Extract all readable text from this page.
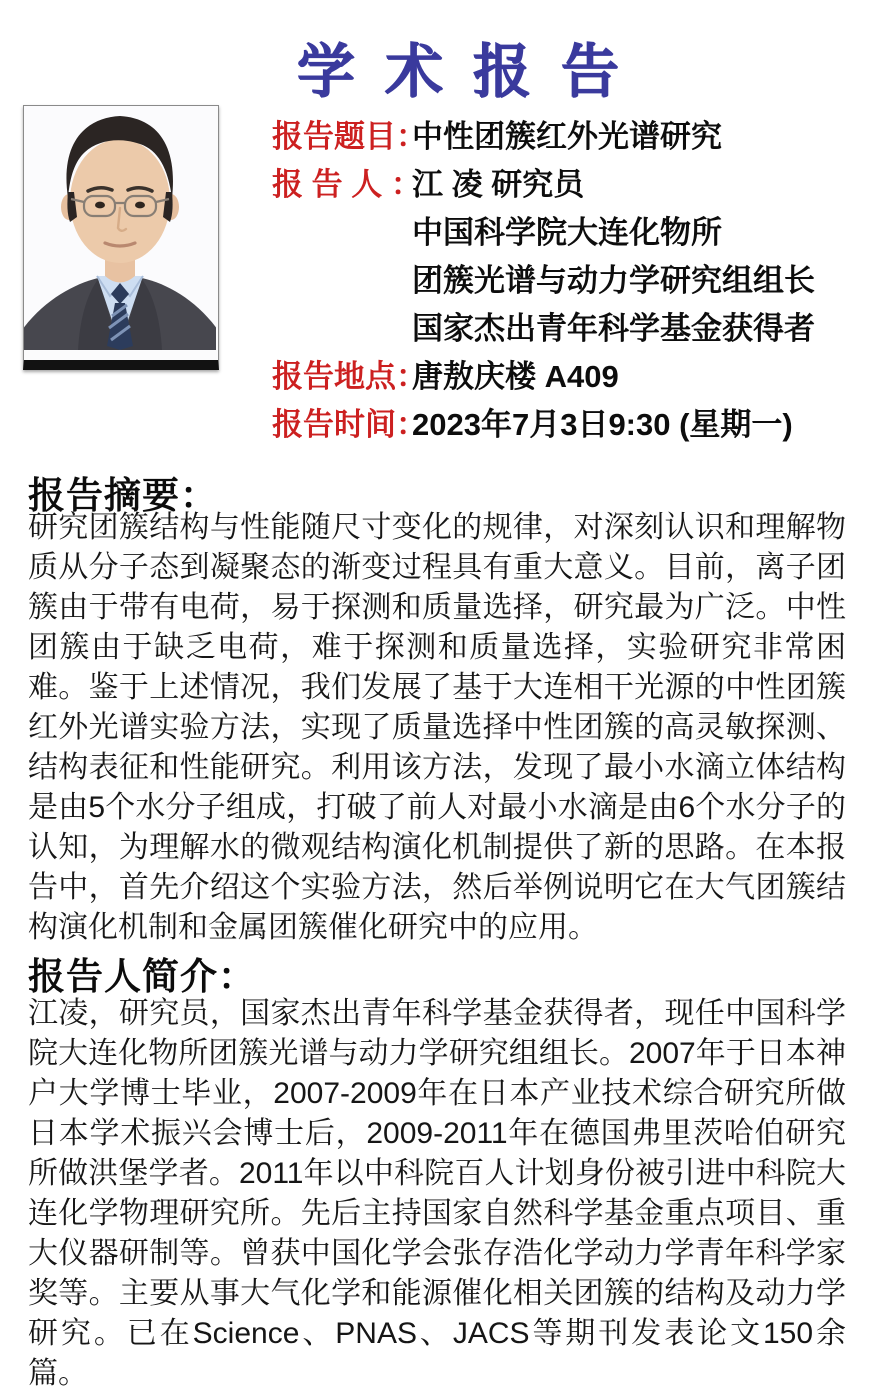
学术报告
报告题目：中性团簇红外光谱研究
报 告 人 ：江 凌 研究员
中国科学院大连化物所
团簇光谱与动力学研究组组长
国家杰出青年科学基金获得者
报告地点：唐敖庆楼 A409
报告时间：2023年7月3日9:30 (星期一)
报告摘要：
研究团簇结构与性能随尺寸变化的规律，对深刻认识和理解物质从分子态到凝聚态的渐变过程具有重大意义。目前，离子团簇由于带有电荷，易于探测和质量选择，研究最为广泛。中性团簇由于缺乏电荷，难于探测和质量选择，实验研究非常困难。鉴于上述情况，我们发展了基于大连相干光源的中性团簇红外光谱实验方法，实现了质量选择中性团簇的高灵敏探测、结构表征和性能研究。利用该方法，发现了最小水滴立体结构是由5个水分子组成，打破了前人对最小水滴是由6个水分子的认知，为理解水的微观结构演化机制提供了新的思路。在本报告中，首先介绍这个实验方法，然后举例说明它在大气团簇结构演化机制和金属团簇催化研究中的应用。
报告人简介：
江凌，研究员，国家杰出青年科学基金获得者，现任中国科学院大连化物所团簇光谱与动力学研究组组长。2007年于日本神户大学博士毕业，2007-2009年在日本产业技术综合研究所做日本学术振兴会博士后，2009-2011年在德国弗里茨哈伯研究所做洪堡学者。2011年以中科院百人计划身份被引进中科院大连化学物理研究所。先后主持国家自然科学基金重点项目、重大仪器研制等。曾获中国化学会张存浩化学动力学青年科学家奖等。主要从事大气化学和能源催化相关团簇的结构及动力学研究。已在Science、PNAS、JACS等期刊发表论文150余篇。
